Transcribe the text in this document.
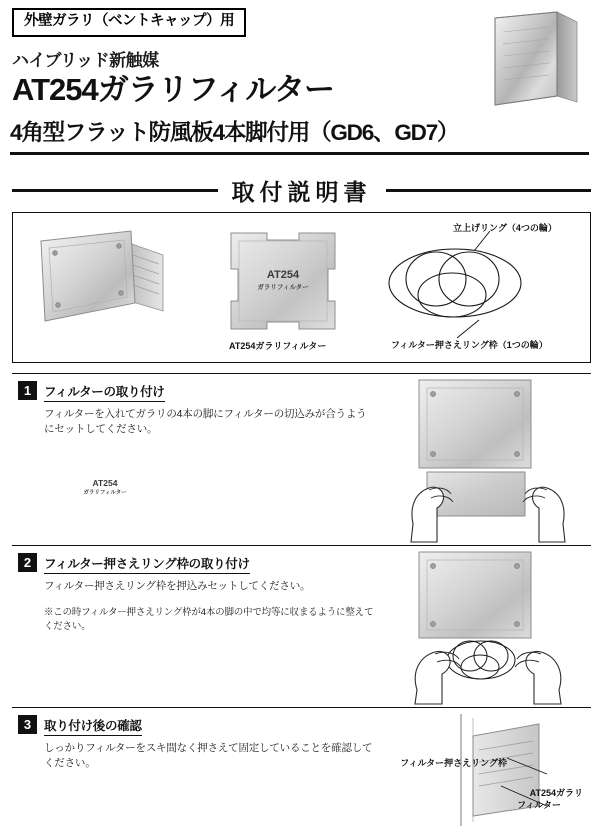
外壁ガラリ（ベントキャップ）用
ハイブリッド新触媒
AT254ガラリフィルター
4角型フラット防風板4本脚付用（GD6、GD7）
取付説明書
AT254
ガラリフィルター
AT254ガラリフィルター
立上げリング（4つの輪）
フィルター押さえリング枠（1つの輪）
1	フィルターの取り付け
フィルターを入れてガラリの4本の脚にフィルターの切込みが合うようにセットしてください。
AT254
ガラリフィルター
2	フィルター押さえリング枠の取り付け
フィルター押さえリング枠を押込みセットしてください。
※この時フィルター押さえリング枠が4本の脚の中で均等に収まるように整えてください。
3	取り付け後の確認
しっかりフィルターをスキ間なく押さえて固定していることを確認してください。	フィルター押さえリング枠
AT254ガラリ
フィルター
